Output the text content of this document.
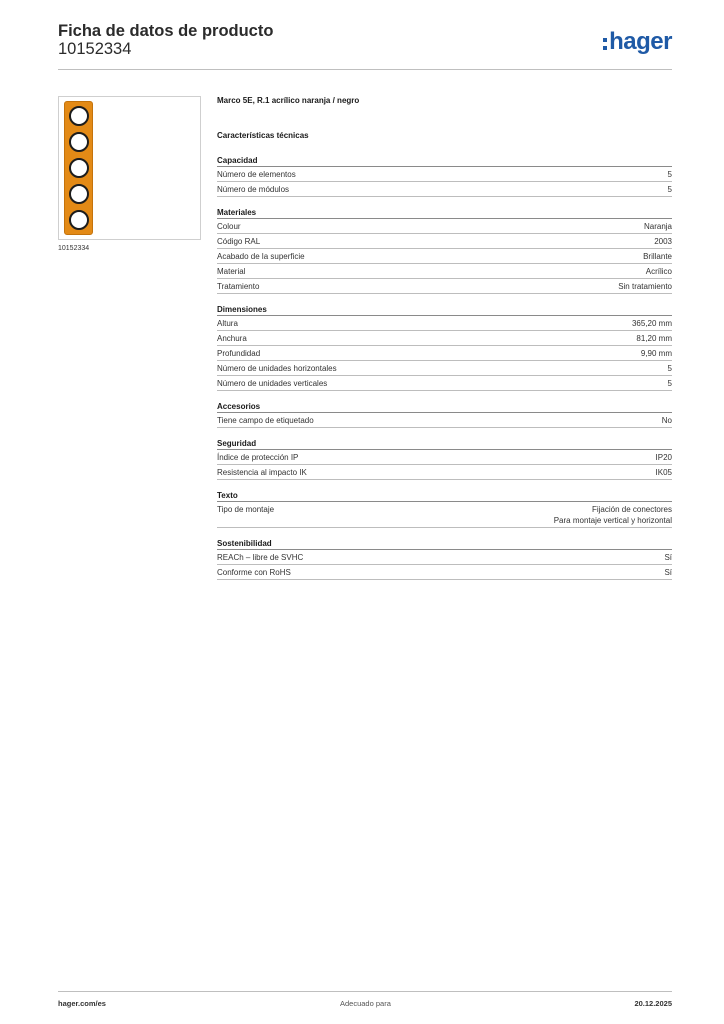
Ficha de datos de producto
10152334	hager
10152334
Marco 5E, R.1 acrílico naranja / negro
Características técnicas
Capacidad
Número de elementos	5
Número de módulos	5
Materiales
Colour	Naranja
Código RAL	2003
Acabado de la superficie	Brillante
Material	Acrílico
Tratamiento	Sin tratamiento
Dimensiones
Altura	365,20 mm
Anchura	81,20 mm
Profundidad	9,90 mm
Número de unidades horizontales	5
Número de unidades verticales	5
Accesorios
Tiene campo de etiquetado	No
Seguridad
Índice de protección IP	IP20
Resistencia al impacto IK	IK05
Texto
Tipo de montaje	Fijación de conectores
Para montaje vertical y horizontal
Sostenibilidad
REACh – libre de SVHC	Sí
Conforme con RoHS	Sí
hager.com/es	Adecuado para	20.12.2025
